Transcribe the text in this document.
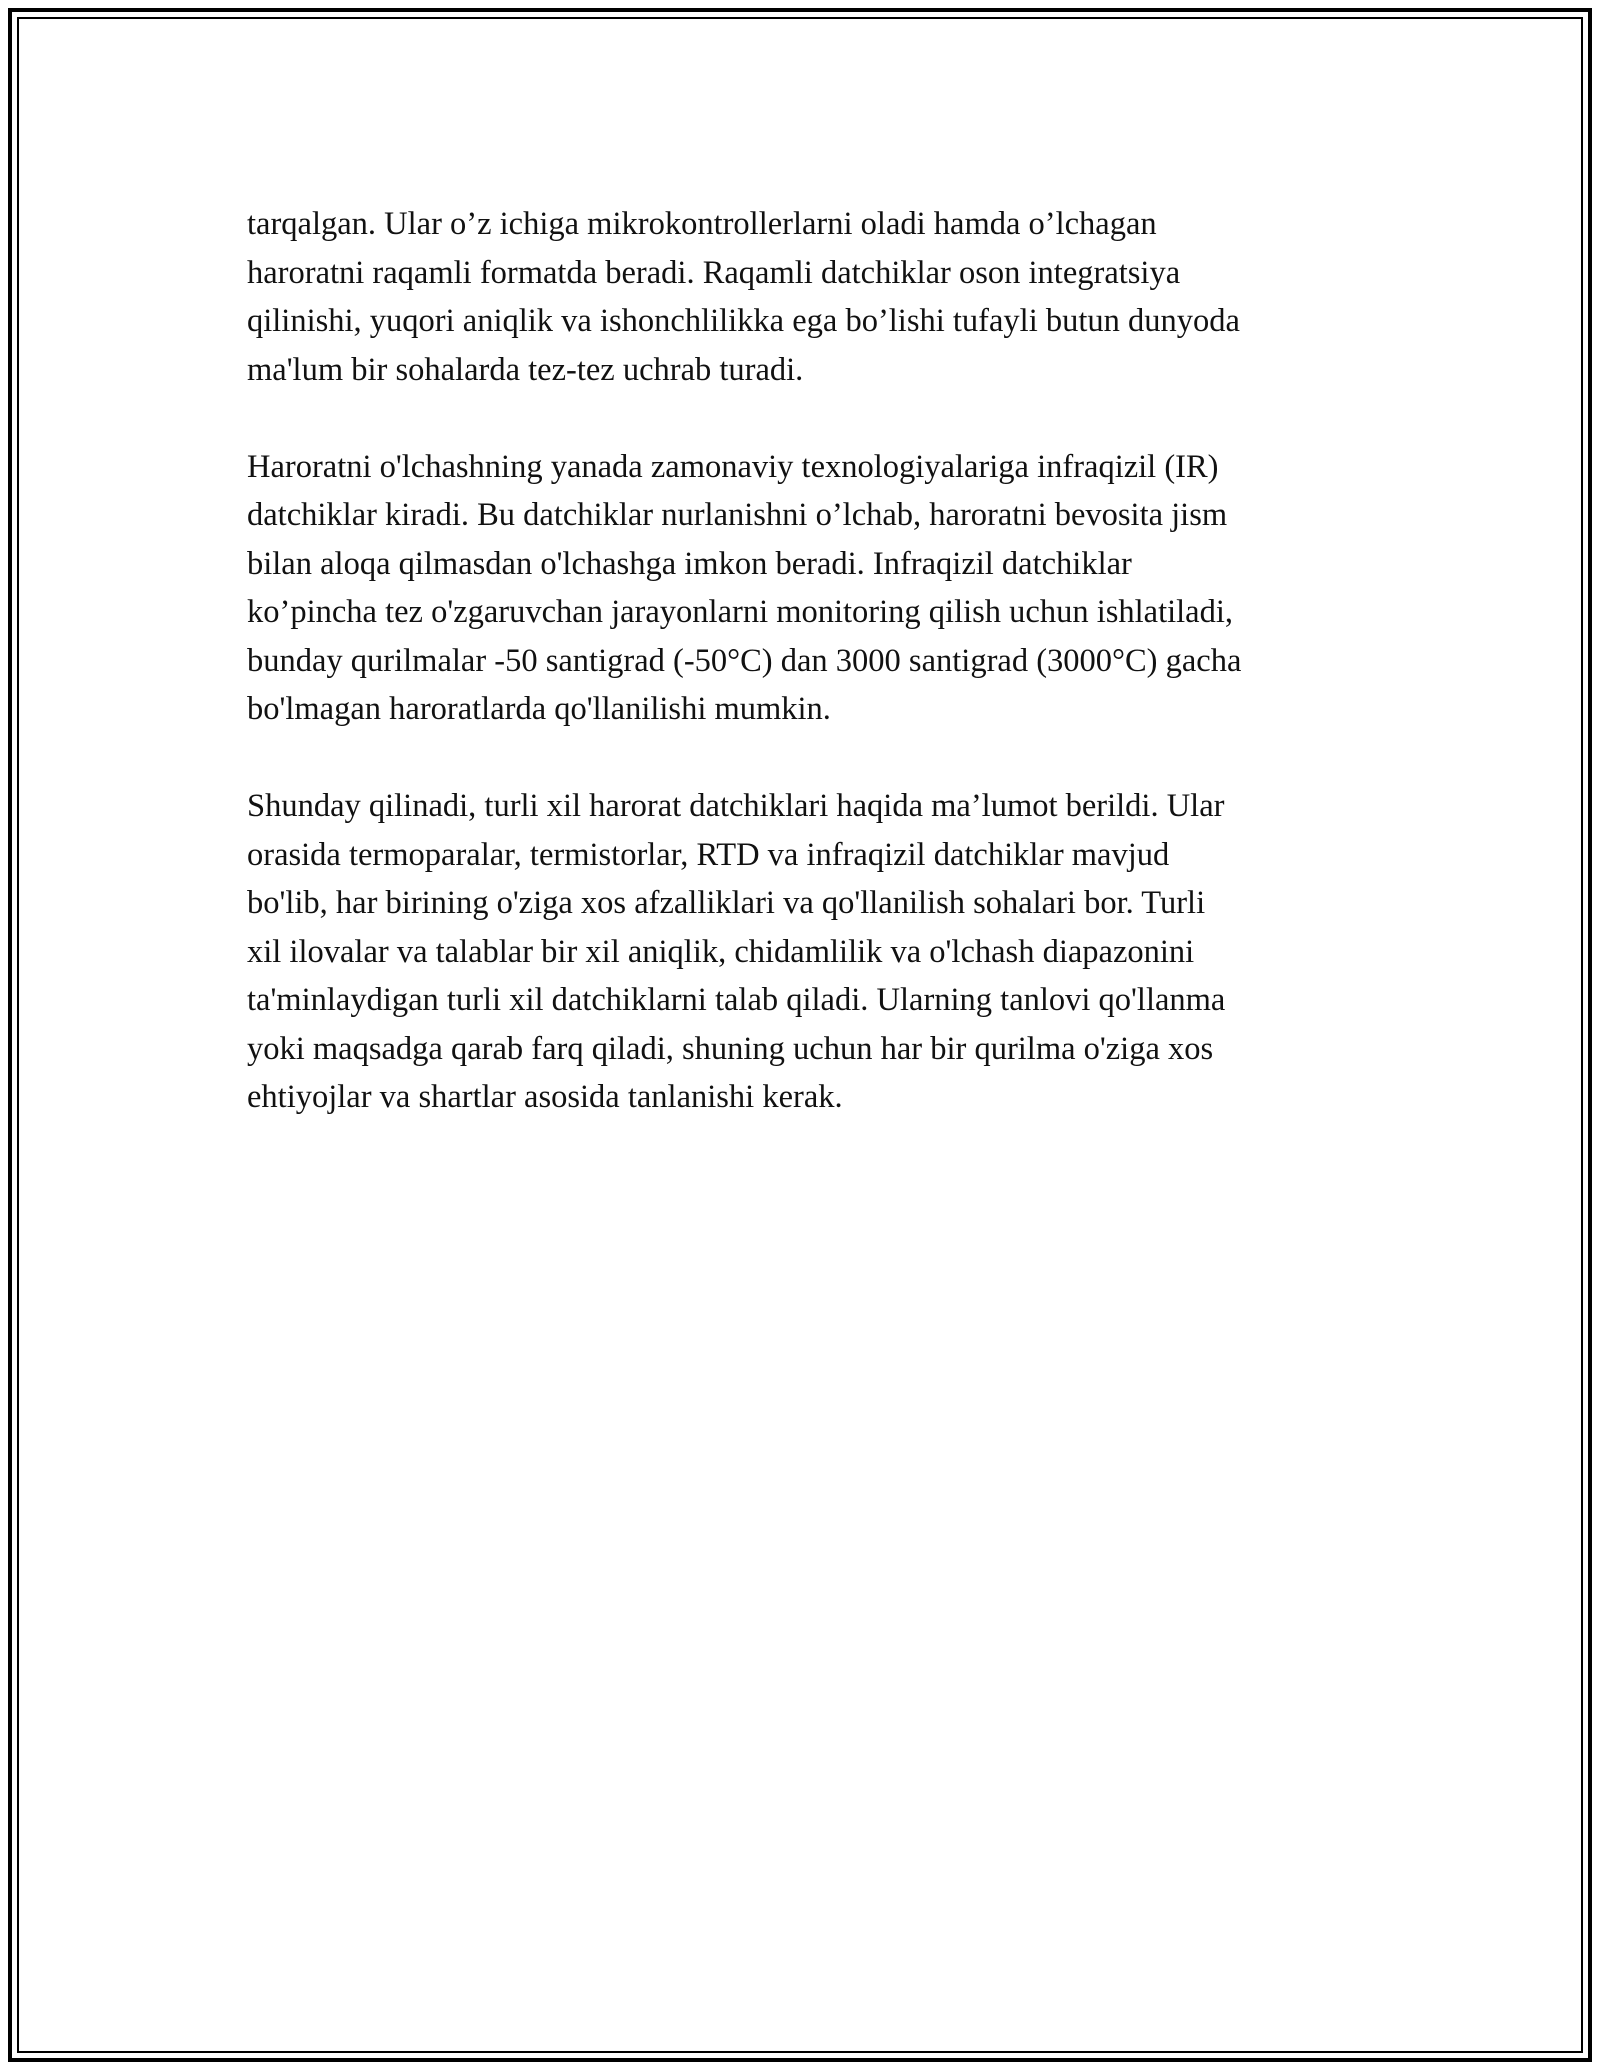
tarqalgan. Ular o’z ichiga mikrokontrollerlarni oladi hamda o’lchagan
haroratni raqamli formatda beradi. Raqamli datchiklar oson integratsiya
qilinishi, yuqori aniqlik va ishonchlilikka ega bo’lishi tufayli butun dunyoda
ma'lum bir sohalarda tez-tez uchrab turadi.

Haroratni o'lchashning yanada zamonaviy texnologiyalariga infraqizil (IR)
datchiklar kiradi. Bu datchiklar nurlanishni o’lchab, haroratni bevosita jism
bilan aloqa qilmasdan o'lchashga imkon beradi. Infraqizil datchiklar
ko’pincha tez o'zgaruvchan jarayonlarni monitoring qilish uchun ishlatiladi,
bunday qurilmalar -50 santigrad (-50°C) dan 3000 santigrad (3000°C) gacha
bo'lmagan haroratlarda qo'llanilishi mumkin.

Shunday qilinadi, turli xil harorat datchiklari haqida ma’lumot berildi. Ular
orasida termoparalar, termistorlar, RTD va infraqizil datchiklar mavjud
bo'lib, har birining o'ziga xos afzalliklari va qo'llanilish sohalari bor. Turli
xil ilovalar va talablar bir xil aniqlik, chidamlilik va o'lchash diapazonini
ta'minlaydigan turli xil datchiklarni talab qiladi. Ularning tanlovi qo'llanma
yoki maqsadga qarab farq qiladi, shuning uchun har bir qurilma o'ziga xos
ehtiyojlar va shartlar asosida tanlanishi kerak.
